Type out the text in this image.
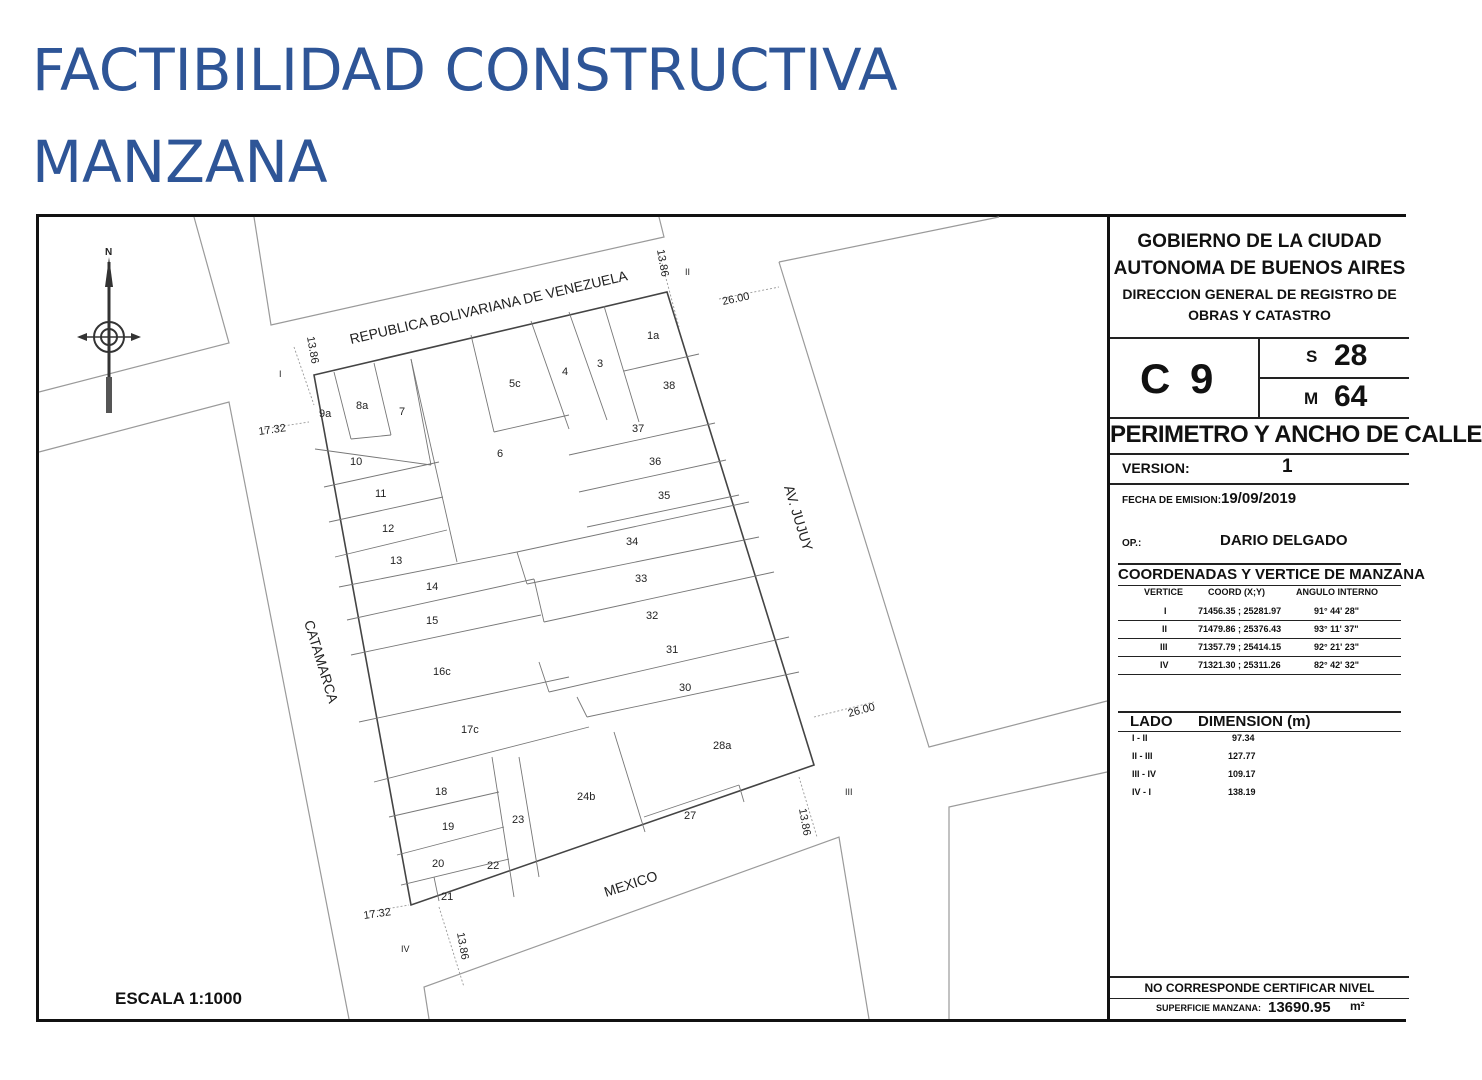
FACTIBILIDAD CONSTRUCTIVA
MANZANA
N
REPUBLICA BOLIVARIANA DE VENEZUELA
AV. JUJUY
MEXICO
CATAMARCA
I
II
III
IV
13.86
26.00
13.86
17.32
26.00
13.86
17.32
13.86
1a
38
3
4
5c
8a
9a	7
37
6
10	36
11	35
12
34
13
33
14
32
15
31
16c
30
17c
28a
18	24b
27
19
23
20	22
21
ESCALA 1:1000
GOBIERNO DE LA CIUDAD
AUTONOMA DE BUENOS AIRES
DIRECCION GENERAL DE REGISTRO DE
OBRAS Y CATASTRO
C 9	S 28
M 64
PERIMETRO Y ANCHO DE CALLE
VERSION:	1
FECHA DE EMISION: 19/09/2019
OP.:	DARIO DELGADO
COORDENADAS Y VERTICE DE MANZANA
VERTICE	COORD (X;Y)	ANGULO INTERNO
I	71456.35 ; 25281.97	91° 44' 28"
II	71479.86 ; 25376.43	93° 11' 37"
III	71357.79 ; 25414.15	92° 21' 23"
IV	71321.30 ; 25311.26	82° 42' 32"
LADO DIMENSION (m)
I - II	97.34
II - III	127.77
III - IV	109.17
IV - I	138.19
NO CORRESPONDE CERTIFICAR NIVEL
SUPERFICIE MANZANA: 13690.95 m²
